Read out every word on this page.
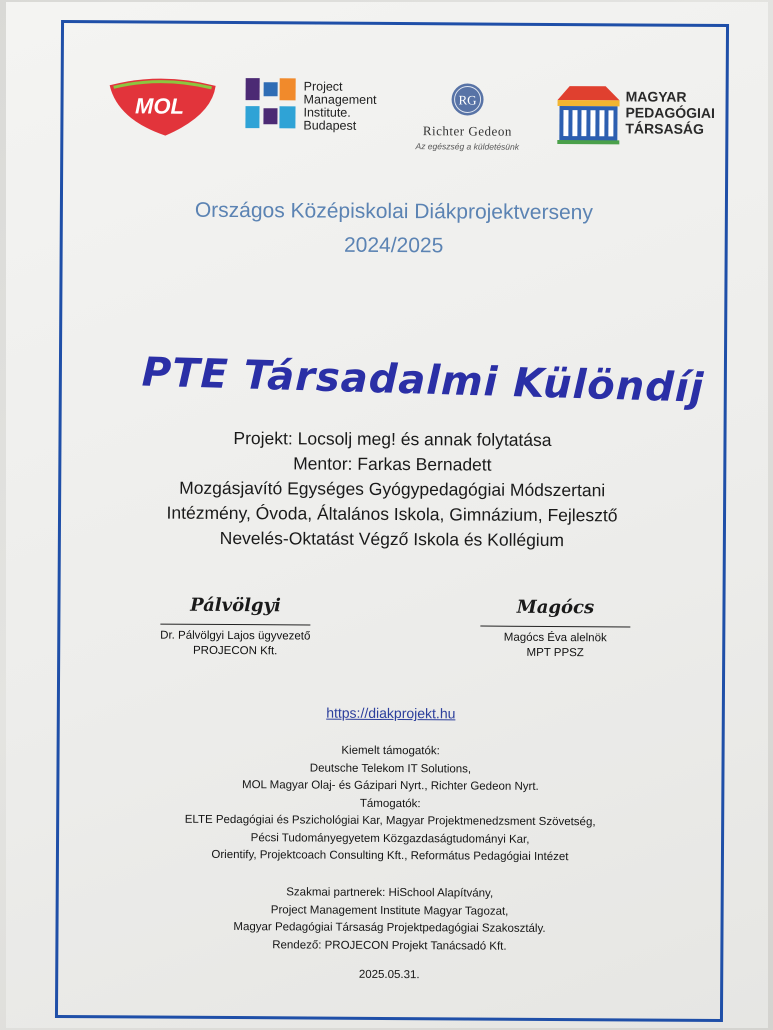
MOL
Project
Management
Institute.
Budapest
RG
Richter Gedeon
Az egészség a küldetésünk
MAGYAR
PEDAGÓGIAI
TÁRSASÁG
Országos Középiskolai Diákprojektverseny
2024/2025
PTE Társadalmi Különdíj
Projekt: Locsolj meg! és annak folytatása
Mentor: Farkas Bernadett
Mozgásjavító Egységes Gyógypedagógiai Módszertani
Intézmény, Óvoda, Általános Iskola, Gimnázium, Fejlesztő
Nevelés-Oktatást Végző Iskola és Kollégium
Pálvölgyi
Dr. Pálvölgyi Lajos ügyvezető
PROJECON Kft.
Magócs
Magócs Éva alelnök
MPT PPSZ
https://diakprojekt.hu
Kiemelt támogatók:
Deutsche Telekom IT Solutions,
MOL Magyar Olaj- és Gázipari Nyrt., Richter Gedeon Nyrt.
Támogatók:
ELTE Pedagógiai és Pszichológiai Kar, Magyar Projektmenedzsment Szövetség,
Pécsi Tudományegyetem Közgazdaságtudományi Kar,
Orientify, Projektcoach Consulting Kft., Református Pedagógiai Intézet
Szakmai partnerek: HiSchool Alapítvány,
Project Management Institute Magyar Tagozat,
Magyar Pedagógiai Társaság Projektpedagógiai Szakosztály.
Rendező: PROJECON Projekt Tanácsadó Kft.
2025.05.31.
